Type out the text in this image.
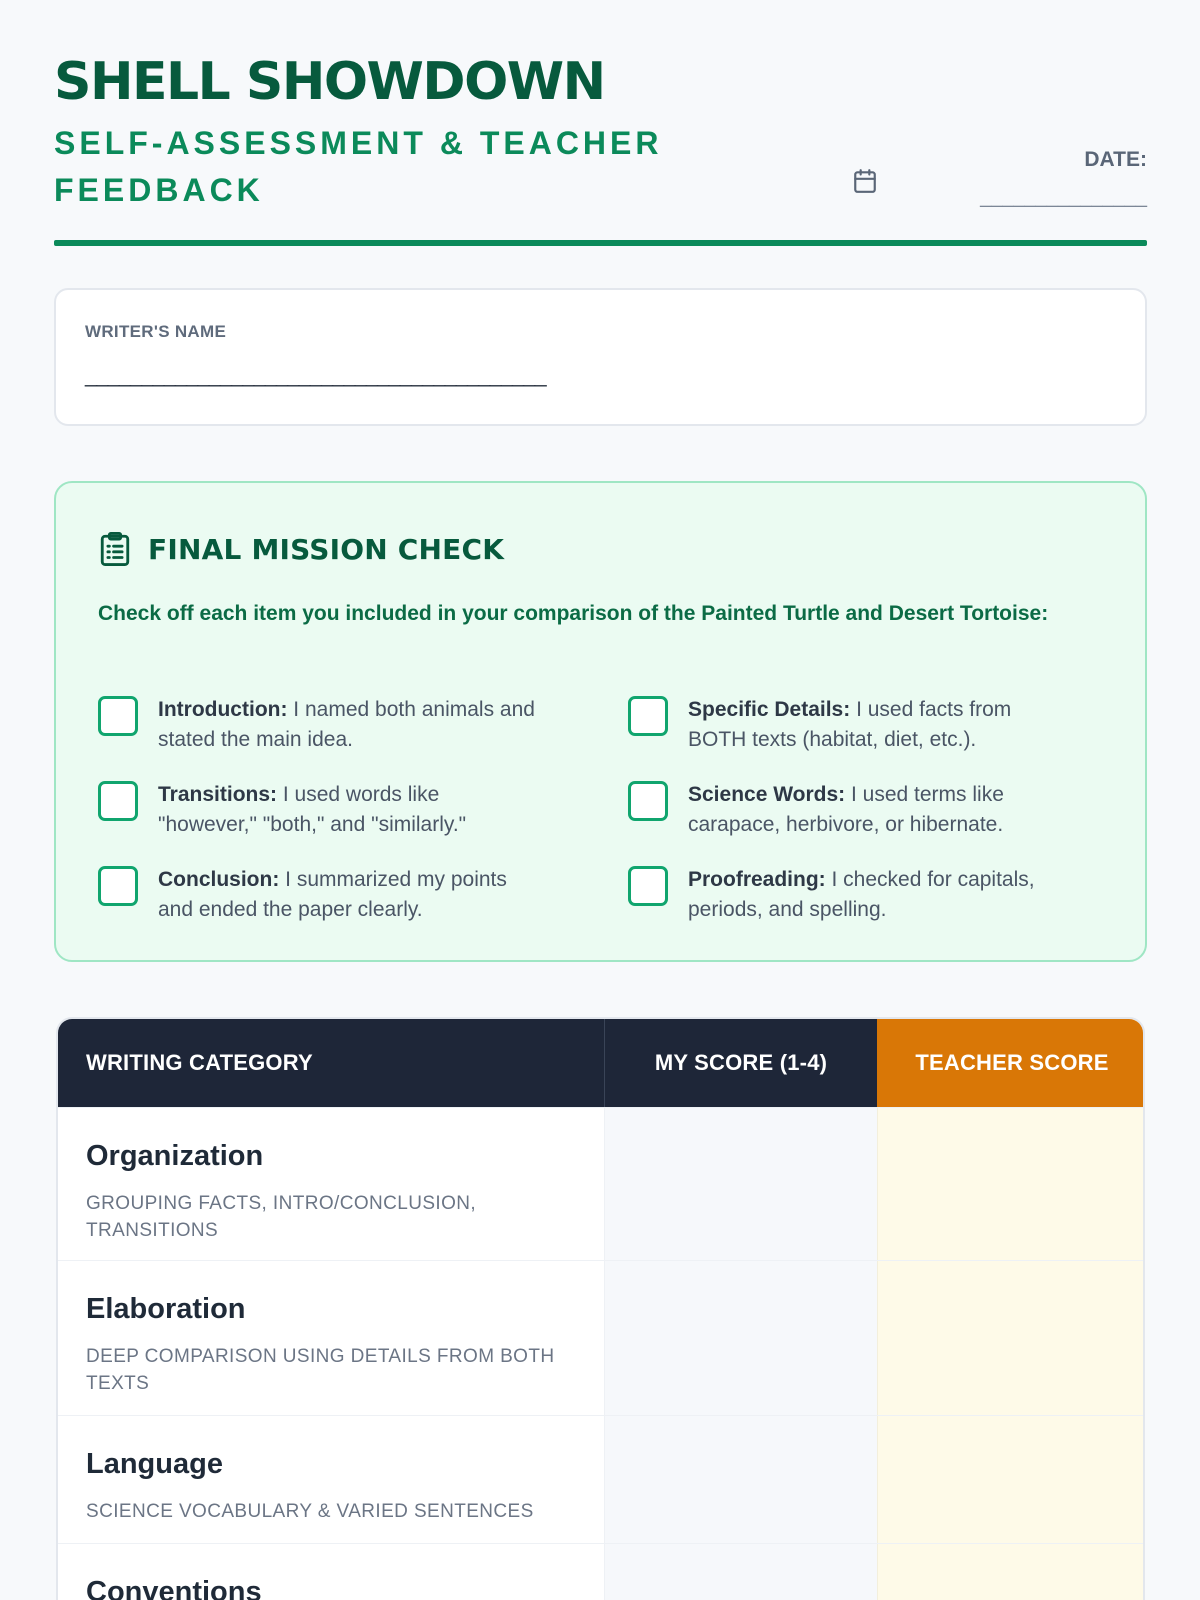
SHELL SHOWDOWN
SELF-ASSESSMENT & TEACHER FEEDBACK
DATE:
_______________
WRITER'S NAME
_________________________________________
FINAL MISSION CHECK
Check off each item you included in your comparison of the Painted Turtle and Desert Tortoise:
Introduction: I named both animals and stated the main idea.
Specific Details: I used facts from BOTH texts (habitat, diet, etc.).
Transitions: I used words like "however," "both," and "similarly."
Science Words: I used terms like carapace, herbivore, or hibernate.
Conclusion: I summarized my points and ended the paper clearly.
Proofreading: I checked for capitals, periods, and spelling.
WRITING CATEGORY	MY SCORE (1-4)	TEACHER SCORE
Organization
GROUPING FACTS, INTRO/CONCLUSION, TRANSITIONS
Elaboration
DEEP COMPARISON USING DETAILS FROM BOTH TEXTS
Language
SCIENCE VOCABULARY & VARIED SENTENCES
Conventions
